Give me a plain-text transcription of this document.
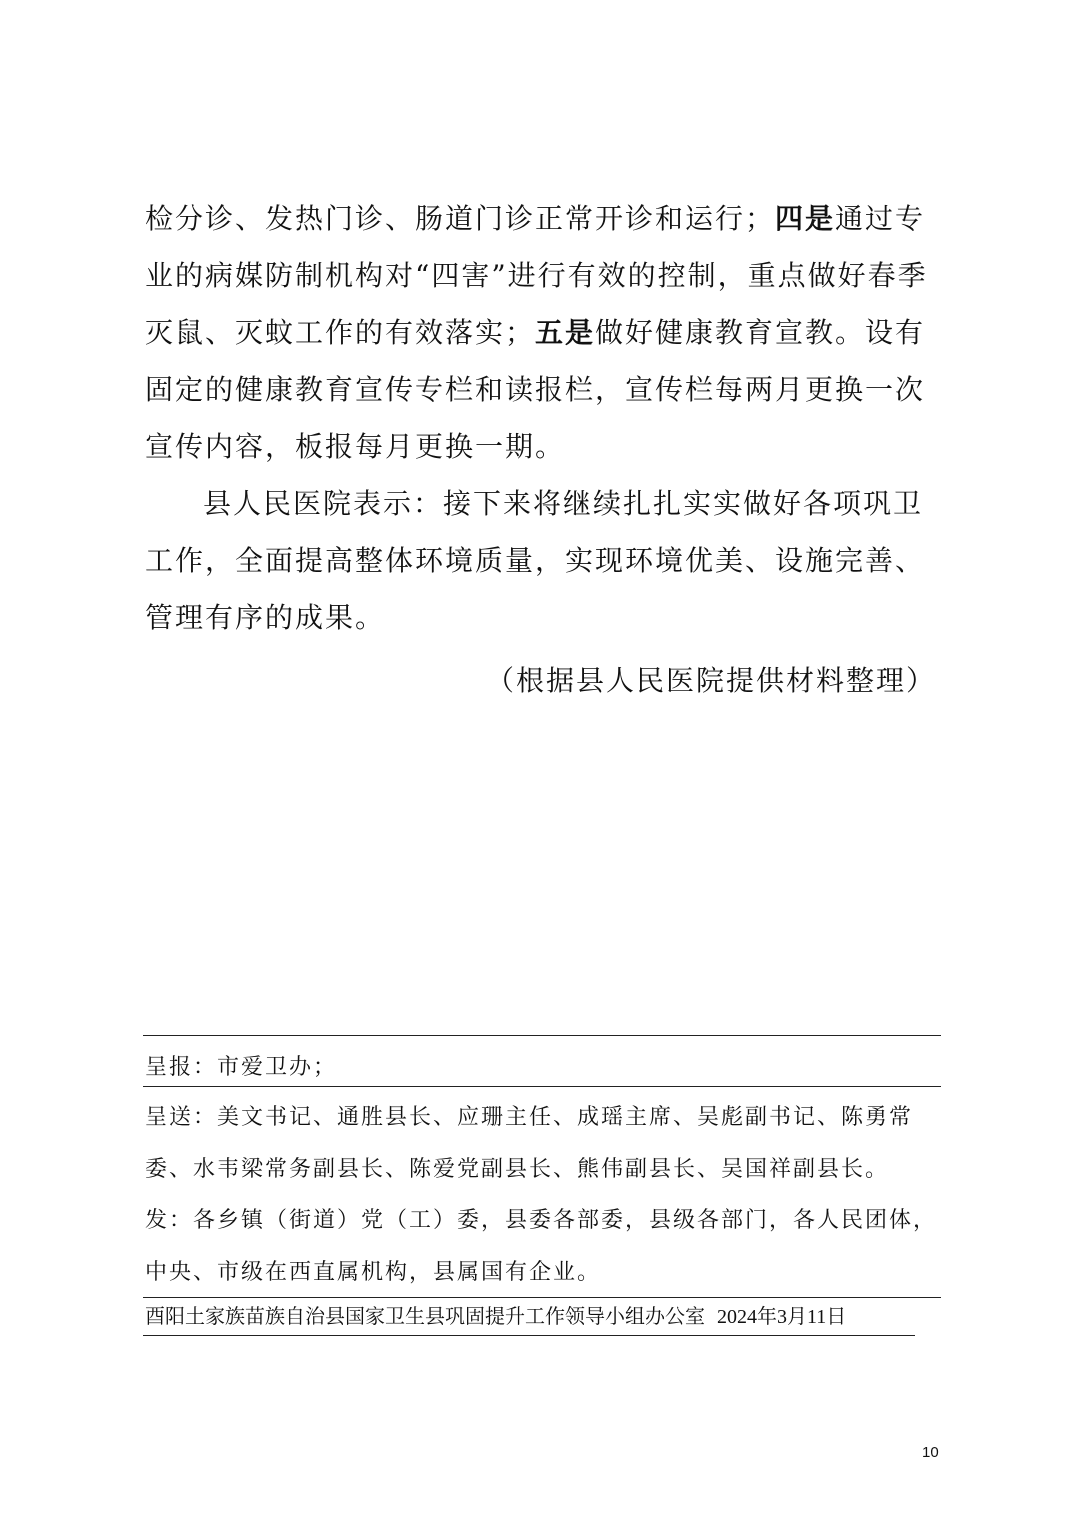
检分诊、发热门诊、肠道门诊正常开诊和运行；四是通过专业的病媒防制机构对“四害”进行有效的控制，重点做好春季灭鼠、灭蚊工作的有效落实；五是做好健康教育宣教。设有固定的健康教育宣传专栏和读报栏，宣传栏每两月更换一次宣传内容，板报每月更换一期。

县人民医院表示：接下来将继续扎扎实实做好各项巩卫工作，全面提高整体环境质量，实现环境优美、设施完善、管理有序的成果。

（根据县人民医院提供材料整理）

呈报：市爱卫办；

呈送：美文书记、通胜县长、应珊主任、成瑶主席、吴彪副书记、陈勇常委、水韦梁常务副县长、陈爱党副县长、熊伟副县长、吴国祥副县长。

发：各乡镇（街道）党（工）委，县委各部委，县级各部门，各人民团体，中央、市级在西直属机构，县属国有企业。

酉阳土家族苗族自治县国家卫生县巩固提升工作领导小组办公室 2024年3月11日

10
